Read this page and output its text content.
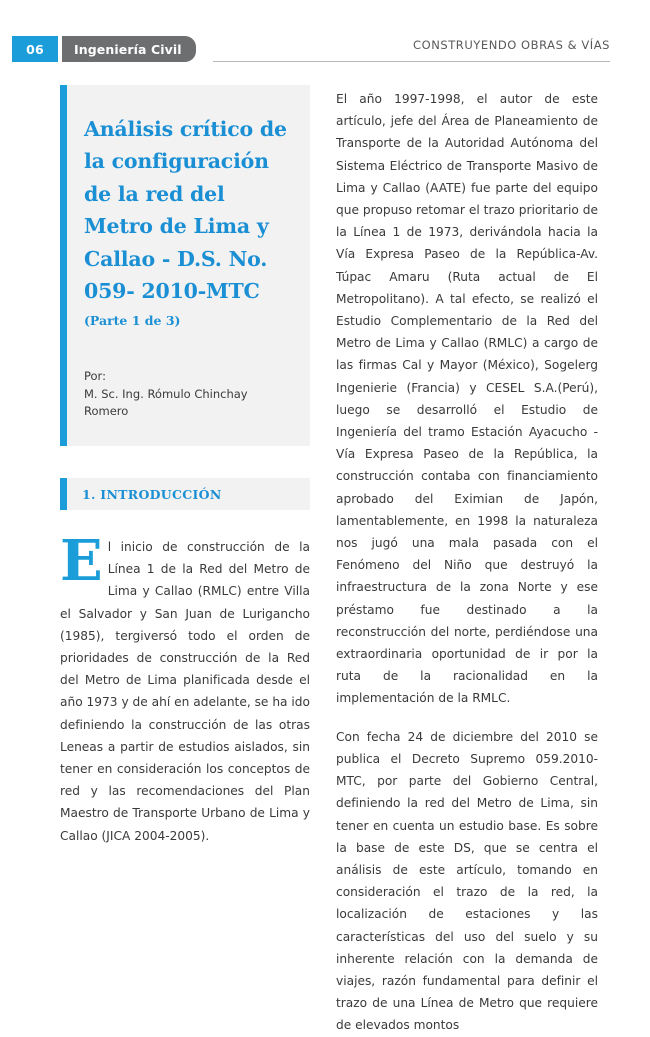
06	Ingeniería Civil	CONSTRUYENDO OBRAS & VÍAS
Análisis crítico de la configuración de la red del Metro de Lima y Callao - D.S. No. 059- 2010-MTC

(Parte 1 de 3)

Por:
M. Sc. Ing. Rómulo Chinchay Romero
1. INTRODUCCIÓN

El inicio de construcción de la Línea 1 de la Red del Metro de Lima y Callao (RMLC) entre Villa el Salvador y San Juan de Lurigancho (1985), tergiversó todo el orden de prioridades de construcción de la Red del Metro de Lima planificada desde el año 1973 y de ahí en adelante, se ha ido definiendo la construcción de las otras Leneas a partir de estudios aislados, sin tener en consideración los conceptos de red y las recomendaciones del Plan Maestro de Transporte Urbano de Lima y Callao (JICA 2004-2005).

El año 1997-1998, el autor de este artículo, jefe del Área de Planeamiento de Transporte de la Autoridad Autónoma del Sistema Eléctrico de Transporte Masivo de Lima y Callao (AATE) fue parte del equipo que propuso retomar el trazo prioritario de la Línea 1 de 1973, derivándola hacia la Vía Expresa Paseo de la República-Av. Túpac Amaru (Ruta actual de El Metropolitano). A tal efecto, se realizó el Estudio Complementario de la Red del Metro de Lima y Callao (RMLC) a cargo de las firmas Cal y Mayor (México), Sogelerg Ingenierie (Francia) y CESEL S.A.(Perú), luego se desarrolló el Estudio de Ingeniería del tramo Estación Ayacucho - Vía Expresa Paseo de la República, la construcción contaba con financiamiento aprobado del Eximian de Japón, lamentablemente, en 1998 la naturaleza nos jugó una mala pasada con el Fenómeno del Niño que destruyó la infraestructura de la zona Norte y ese préstamo fue destinado a la reconstrucción del norte, perdiéndose una extraordinaria oportunidad de ir por la ruta de la racionalidad en la implementación de la RMLC.

Con fecha 24 de diciembre del 2010 se publica el Decreto Supremo 059.2010-MTC, por parte del Gobierno Central, definiendo la red del Metro de Lima, sin tener en cuenta un estudio base. Es sobre la base de este DS, que se centra el análisis de este artículo, tomando en consideración el trazo de la red, la localización de estaciones y las características del uso del suelo y su inherente relación con la demanda de viajes, razón fundamental para definir el trazo de una Línea de Metro que requiere de elevados montos
